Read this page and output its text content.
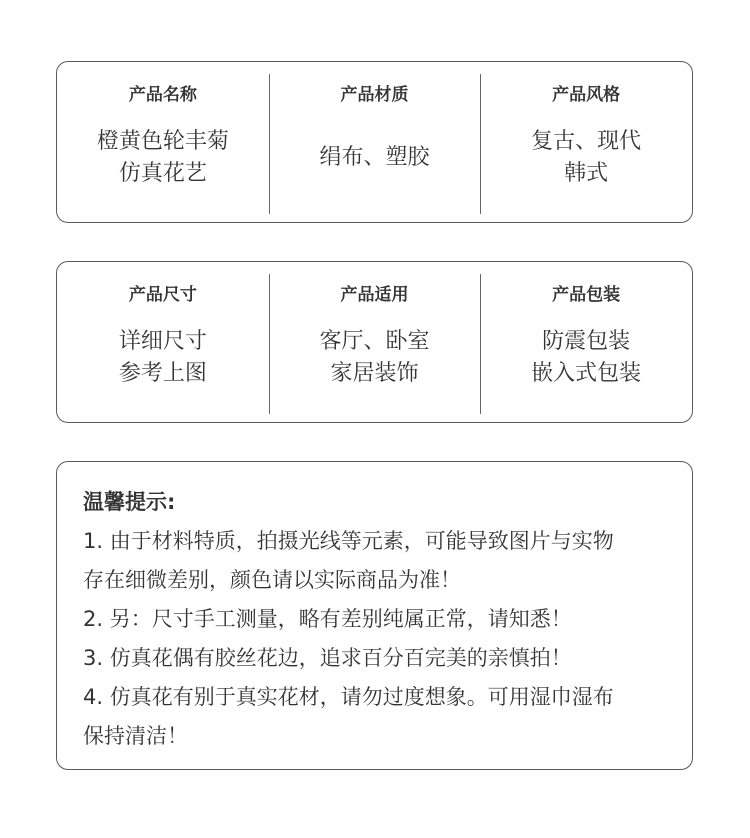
产品名称
橙黄色轮丰菊
仿真花艺
产品材质
绢布、塑胶
产品风格
复古、现代
韩式
产品尺寸
详细尺寸
参考上图
产品适用
客厅、卧室
家居装饰
产品包装
防震包装
嵌入式包装
温馨提示:
1. 由于材料特质，拍摄光线等元素，可能导致图片与实物
存在细微差别，颜色请以实际商品为准！
2. 另：尺寸手工测量，略有差别纯属正常，请知悉！
3. 仿真花偶有胶丝花边，追求百分百完美的亲慎拍！
4. 仿真花有别于真实花材，请勿过度想象。可用湿巾湿布
保持清洁！
